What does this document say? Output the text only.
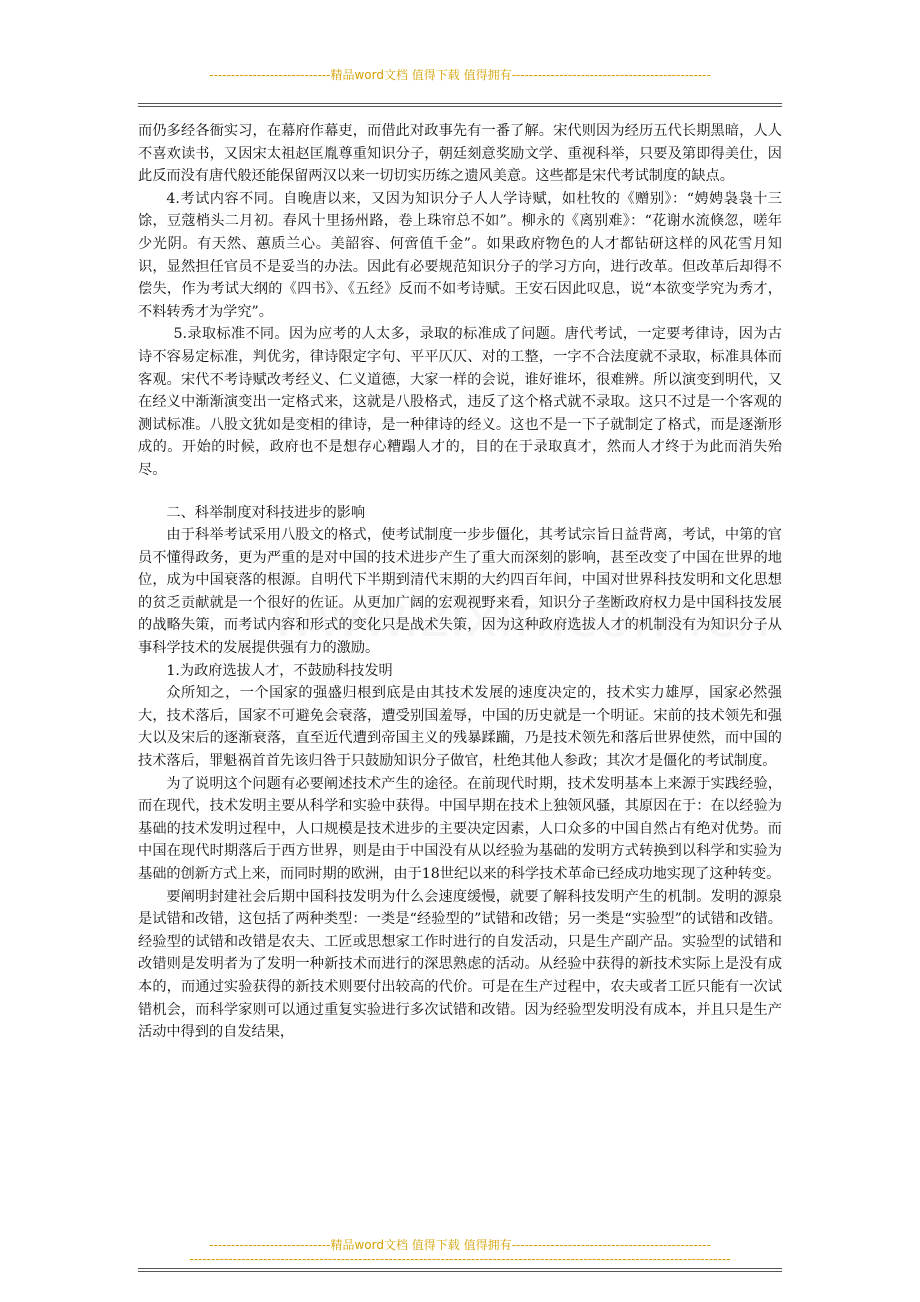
----------------------------精品word文档 值得下载 值得拥有----------------------------------------------

而仍多经各衙实习，在幕府作幕吏，而借此对政事先有一番了解。宋代则因为经历五代长期黑暗，人人不喜欢读书，又因宋太祖赵匡胤尊重知识分子，朝廷刻意奖励文学、重视科举，只要及第即得美仕，因此反而没有唐代般还能保留两汉以来一切切实历练之遗风美意。这些都是宋代考试制度的缺点。

4.考试内容不同。自晚唐以来，又因为知识分子人人学诗赋，如杜牧的《赠别》：“娉娉袅袅十三馀，豆蔻梢头二月初。春风十里扬州路，卷上珠帘总不如”。柳永的《离别难》：“花谢水流倏忽，嗟年少光阴。有天然、蕙质兰心。美韶容、何啻值千金”。如果政府物色的人才都钻研这样的风花雪月知识，显然担任官员不是妥当的办法。因此有必要规范知识分子的学习方向，进行改革。但改革后却得不偿失，作为考试大纲的《四书》、《五经》反而不如考诗赋。王安石因此叹息，说“本欲变学究为秀才，不料转秀才为学究”。

5.录取标准不同。因为应考的人太多，录取的标准成了问题。唐代考试，一定要考律诗，因为古诗不容易定标准，判优劣，律诗限定字句、平平仄仄、对的工整，一字不合法度就不录取，标准具体而客观。宋代不考诗赋改考经义、仁义道德，大家一样的会说，谁好谁坏，很难辨。所以演变到明代，又在经义中渐渐演变出一定格式来，这就是八股格式，违反了这个格式就不录取。这只不过是一个客观的测试标准。八股文犹如是变相的律诗，是一种律诗的经义。这也不是一下子就制定了格式，而是逐渐形成的。开始的时候，政府也不是想存心糟蹋人才的，目的在于录取真才，然而人才终于为此而消失殆尽。

二、科举制度对科技进步的影响

由于科举考试采用八股文的格式，使考试制度一步步僵化，其考试宗旨日益背离，考试，中第的官员不懂得政务，更为严重的是对中国的技术进步产生了重大而深刻的影响，甚至改变了中国在世界的地位，成为中国衰落的根源。自明代下半期到清代末期的大约四百年间，中国对世界科技发明和文化思想的贫乏贡献就是一个很好的佐证。从更加广阔的宏观视野来看，知识分子垄断政府权力是中国科技发展的战略失策，而考试内容和形式的变化只是战术失策，因为这种政府选拔人才的机制没有为知识分子从事科学技术的发展提供强有力的激励。

1.为政府选拔人才，不鼓励科技发明

众所知之，一个国家的强盛归根到底是由其技术发展的速度决定的，技术实力雄厚，国家必然强大，技术落后，国家不可避免会衰落，遭受别国羞辱，中国的历史就是一个明证。宋前的技术领先和强大以及宋后的逐渐衰落，直至近代遭到帝国主义的残暴蹂躏，乃是技术领先和落后世界使然，而中国的技术落后，罪魁祸首首先该归咎于只鼓励知识分子做官，杜绝其他人参政；其次才是僵化的考试制度。

为了说明这个问题有必要阐述技术产生的途径。在前现代时期，技术发明基本上来源于实践经验，而在现代，技术发明主要从科学和实验中获得。中国早期在技术上独领风骚，其原因在于：在以经验为基础的技术发明过程中，人口规模是技术进步的主要决定因素，人口众多的中国自然占有绝对优势。而中国在现代时期落后于西方世界，则是由于中国没有从以经验为基础的发明方式转换到以科学和实验为基础的创新方式上来，而同时期的欧洲，由于18世纪以来的科学技术革命已经成功地实现了这种转变。

要阐明封建社会后期中国科技发明为什么会速度缓慢，就要了解科技发明产生的机制。发明的源泉是试错和改错，这包括了两种类型：一类是“经验型的”试错和改错；另一类是“实验型”的试错和改错。经验型的试错和改错是农夫、工匠或思想家工作时进行的自发活动，只是生产副产品。实验型的试错和改错则是发明者为了发明一种新技术而进行的深思熟虑的活动。从经验中获得的新技术实际上是没有成本的，而通过实验获得的新技术则要付出较高的代价。可是在生产过程中，农夫或者工匠只能有一次试错机会，而科学家则可以通过重复实验进行多次试错和改错。因为经验型发明没有成本，并且只是生产活动中得到的自发结果，

----------------------------精品word文档 值得下载 值得拥有----------------------------------------------
-----------------------------------------------------------------------------------------------------------------------------
